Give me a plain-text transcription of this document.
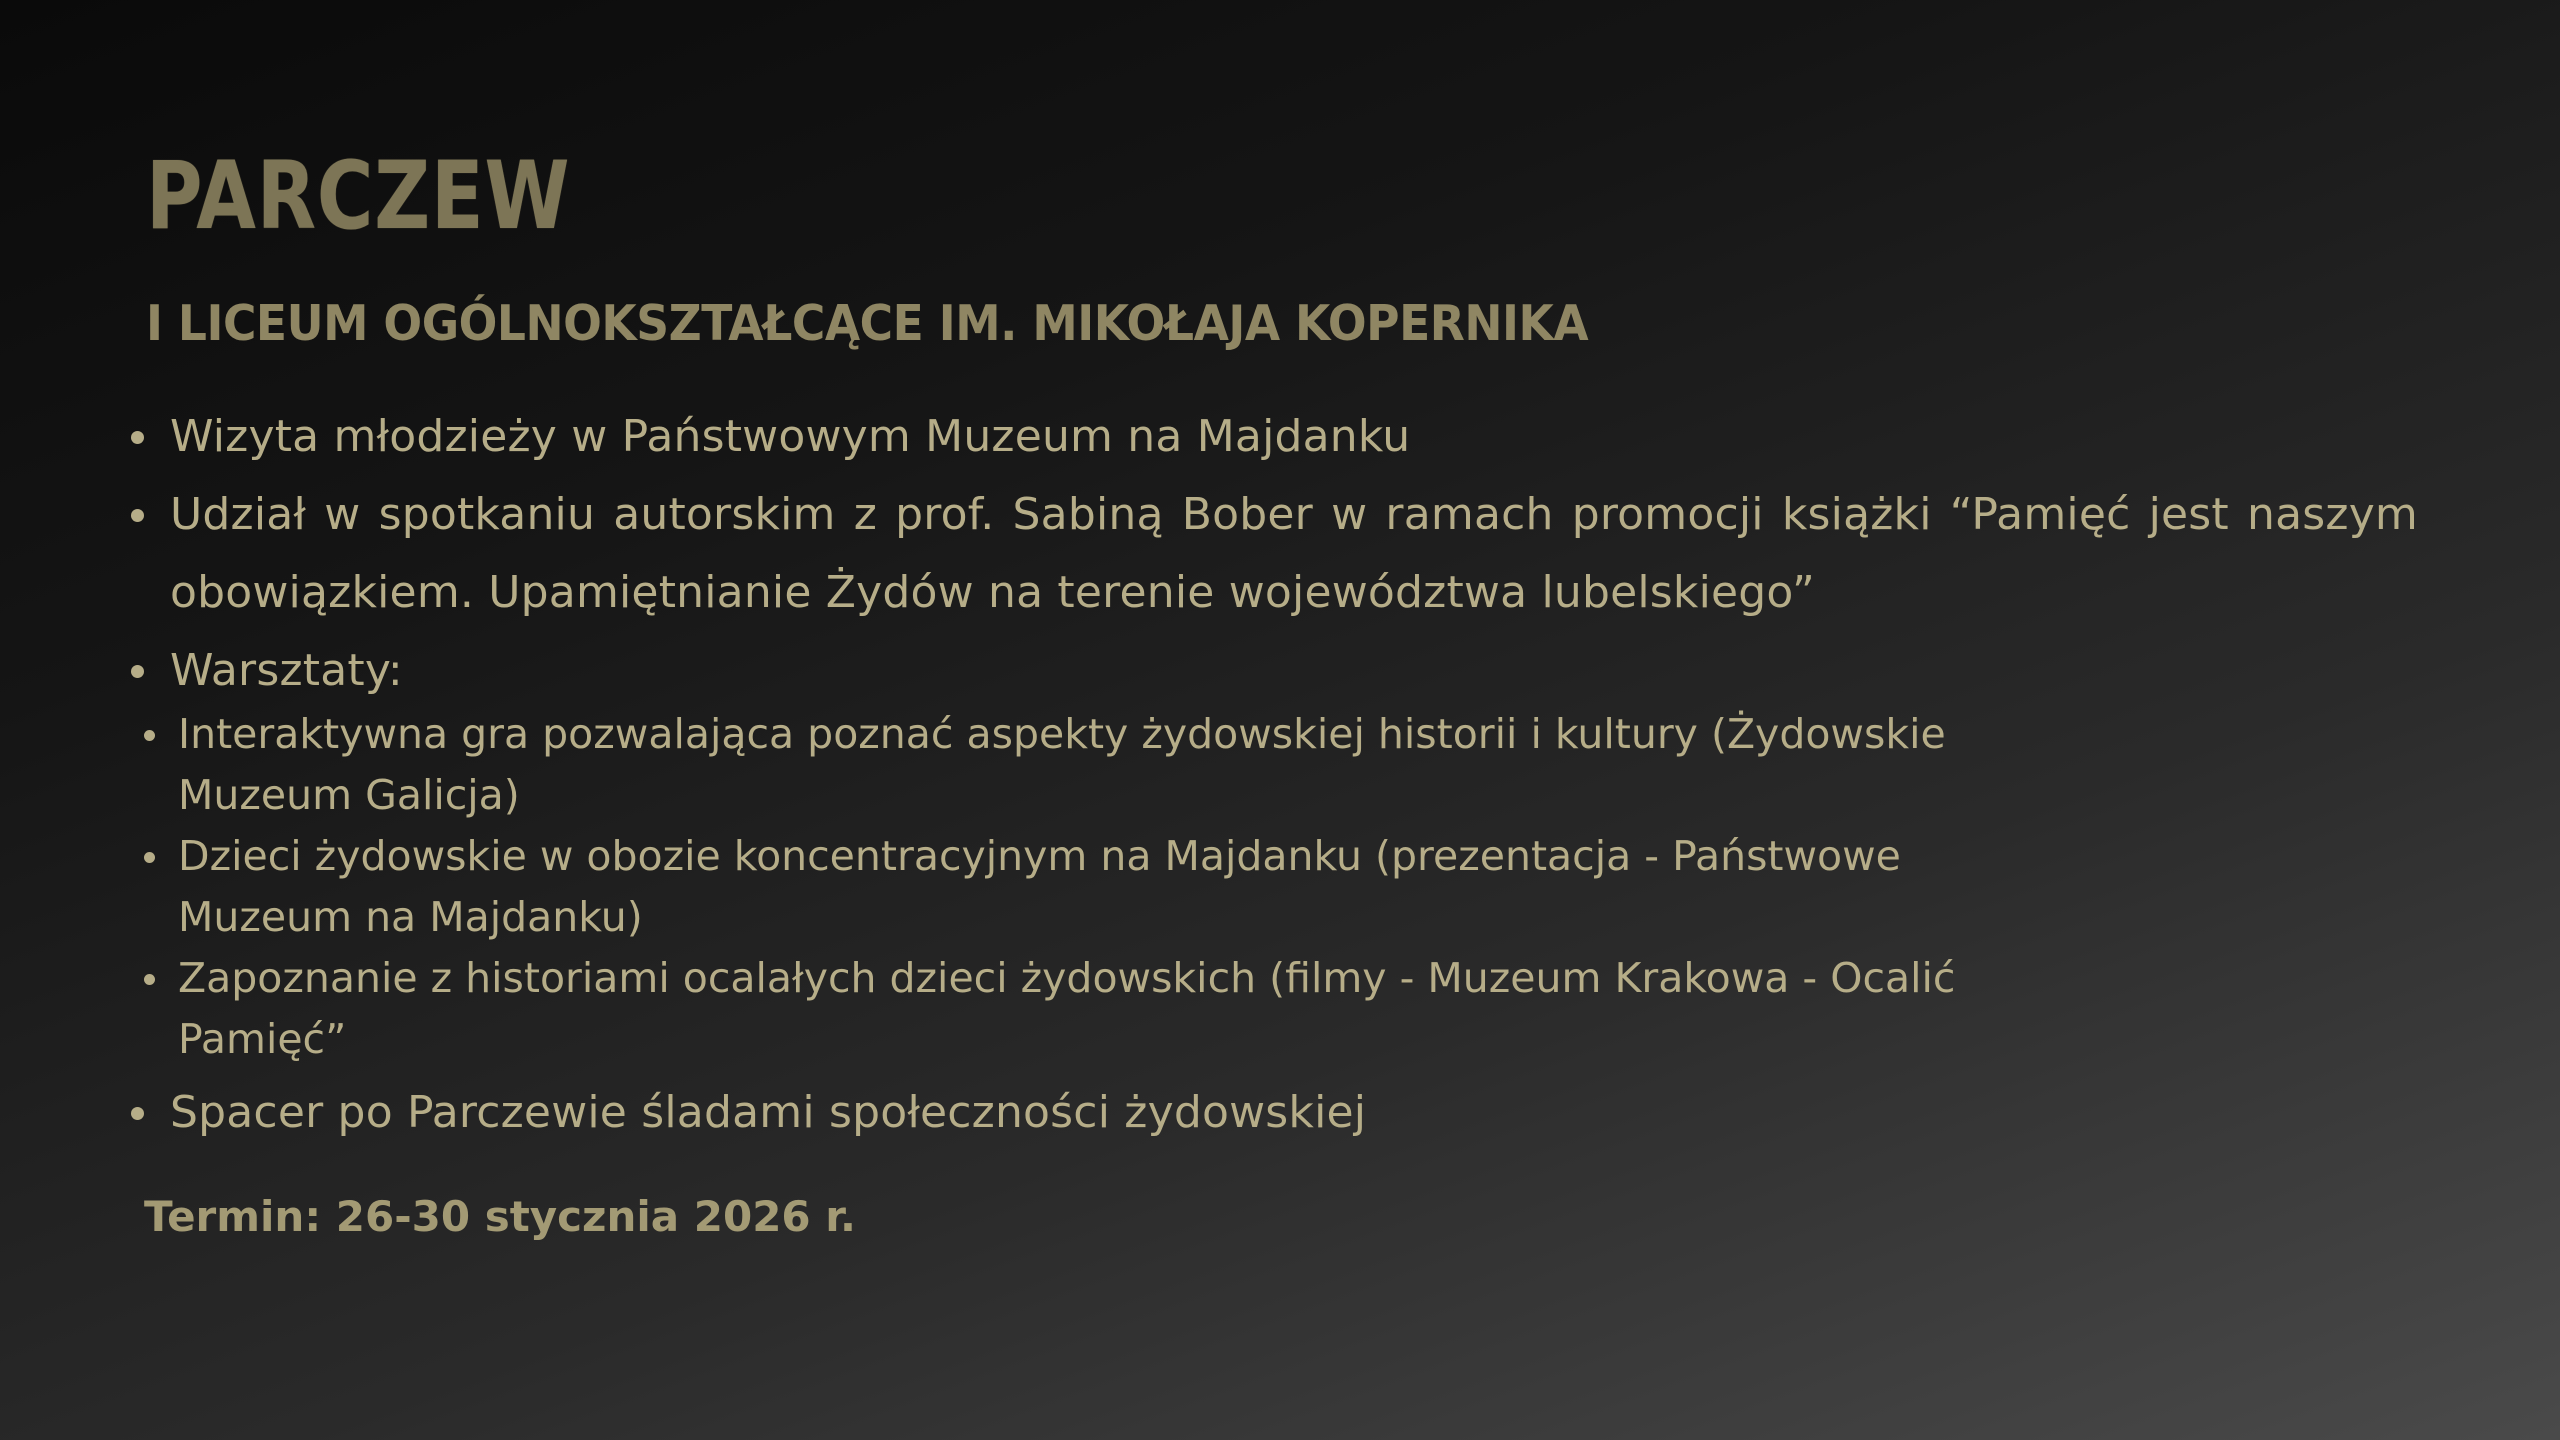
PARCZEW
I LICEUM OGÓLNOKSZTAŁCĄCE IM. MIKOŁAJA KOPERNIKA
Wizyta młodzieży w Państwowym Muzeum na Majdanku
Udział w spotkaniu autorskim z prof. Sabiną Bober w ramach promocji książki “Pamięć jest naszym obowiązkiem. Upamiętnianie Żydów na terenie województwa lubelskiego”
Warsztaty:
Interaktywna gra pozwalająca poznać aspekty żydowskiej historii i kultury (Żydowskie Muzeum Galicja)
Dzieci żydowskie w obozie koncentracyjnym na Majdanku (prezentacja - Państwowe Muzeum na Majdanku)
Zapoznanie z historiami ocalałych dzieci żydowskich (filmy - Muzeum Krakowa - Ocalić Pamięć”
Spacer po Parczewie śladami społeczności żydowskiej

Termin: 26-30 stycznia 2026 r.
